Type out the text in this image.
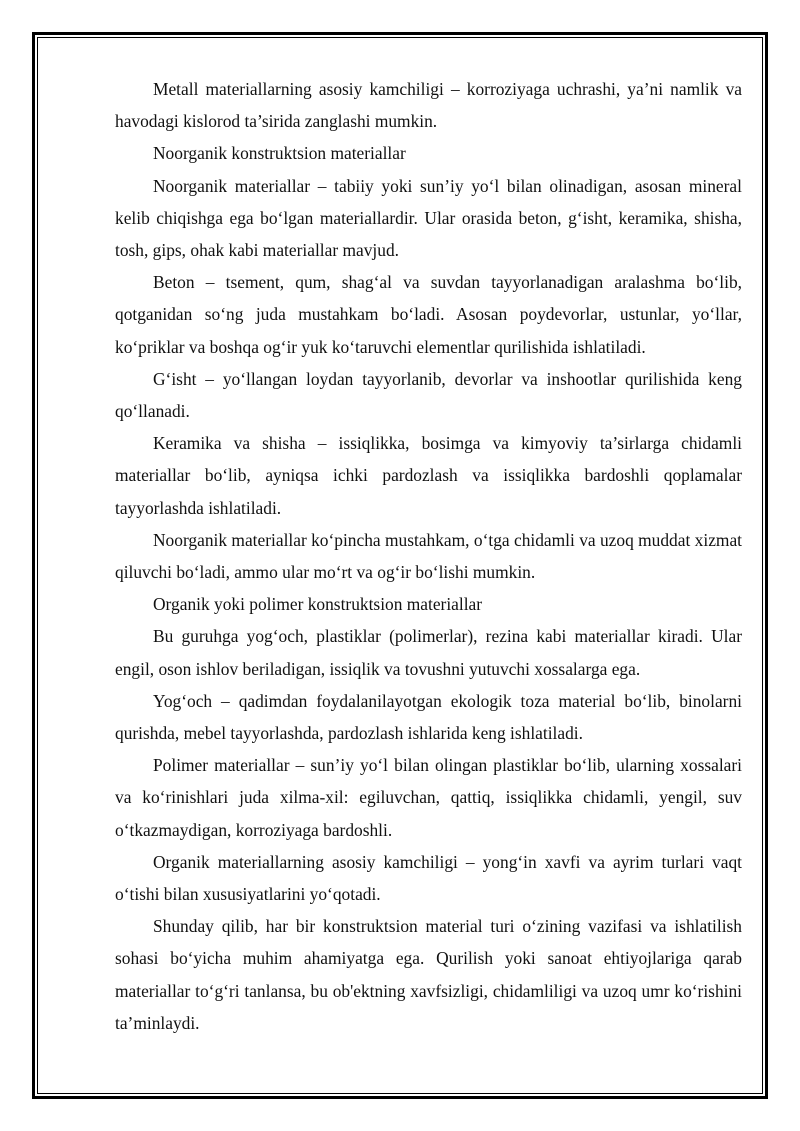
Metall materiallarning asosiy kamchiligi – korroziyaga uchrashi, ya’ni namlik va havodagi kislorod ta’sirida zanglashi mumkin.

Noorganik konstruktsion materiallar

Noorganik materiallar – tabiiy yoki sun’iy yo‘l bilan olinadigan, asosan mineral kelib chiqishga ega bo‘lgan materiallardir. Ular orasida beton, g‘isht, keramika, shisha, tosh, gips, ohak kabi materiallar mavjud.

Beton – tsement, qum, shag‘al va suvdan tayyorlanadigan aralashma bo‘lib, qotganidan so‘ng juda mustahkam bo‘ladi. Asosan poydevorlar, ustunlar, yo‘llar, ko‘priklar va boshqa og‘ir yuk ko‘taruvchi elementlar qurilishida ishlatiladi.

G‘isht – yo‘llangan loydan tayyorlanib, devorlar va inshootlar qurilishida keng qo‘llanadi.

Keramika va shisha – issiqlikka, bosimga va kimyoviy ta’sirlarga chidamli materiallar bo‘lib, ayniqsa ichki pardozlash va issiqlikka bardoshli qoplamalar tayyorlashda ishlatiladi.

Noorganik materiallar ko‘pincha mustahkam, o‘tga chidamli va uzoq muddat xizmat qiluvchi bo‘ladi, ammo ular mo‘rt va og‘ir bo‘lishi mumkin.

Organik yoki polimer konstruktsion materiallar

Bu guruhga yog‘och, plastiklar (polimerlar), rezina kabi materiallar kiradi. Ular engil, oson ishlov beriladigan, issiqlik va tovushni yutuvchi xossalarga ega.

Yog‘och – qadimdan foydalanilayotgan ekologik toza material bo‘lib, binolarni qurishda, mebel tayyorlashda, pardozlash ishlarida keng ishlatiladi.

Polimer materiallar – sun’iy yo‘l bilan olingan plastiklar bo‘lib, ularning xossalari va ko‘rinishlari juda xilma-xil: egiluvchan, qattiq, issiqlikka chidamli, yengil, suv o‘tkazmaydigan, korroziyaga bardoshli.

Organik materiallarning asosiy kamchiligi – yong‘in xavfi va ayrim turlari vaqt o‘tishi bilan xususiyatlarini yo‘qotadi.

Shunday qilib, har bir konstruktsion material turi o‘zining vazifasi va ishlatilish sohasi bo‘yicha muhim ahamiyatga ega. Qurilish yoki sanoat ehtiyojlariga qarab materiallar to‘g‘ri tanlansa, bu ob'ektning xavfsizligi, chidamliligi va uzoq umr ko‘rishini ta’minlaydi.
